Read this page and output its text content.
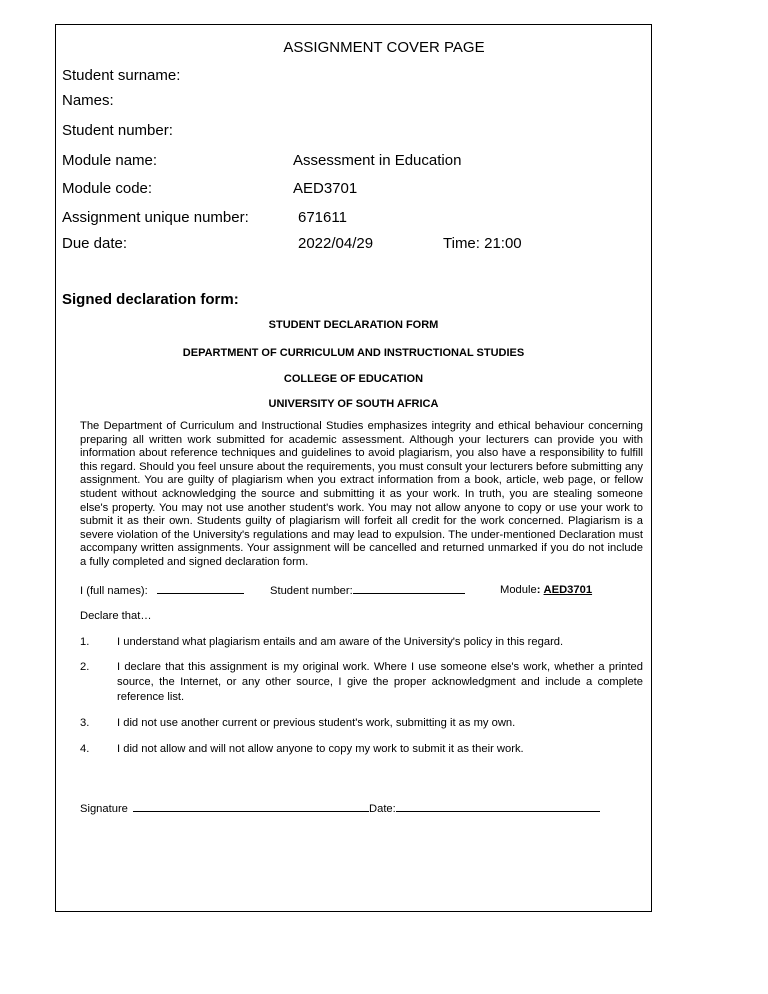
ASSIGNMENT COVER PAGE
Student surname:
Names:
Student number:
Module name:	Assessment in Education
Module code:	AED3701
Assignment unique number:	671611
Due date:	2022/04/29	Time: 21:00
Signed declaration form:
STUDENT DECLARATION FORM
DEPARTMENT OF CURRICULUM AND INSTRUCTIONAL STUDIES
COLLEGE OF EDUCATION
UNIVERSITY OF SOUTH AFRICA

The Department of Curriculum and Instructional Studies emphasizes integrity and ethical behaviour concerning preparing all written work submitted for academic assessment. Although your lecturers can provide you with information about reference techniques and guidelines to avoid plagiarism, you also have a responsibility to fulfill this regard. Should you feel unsure about the requirements, you must consult your lecturers before submitting any assignment. You are guilty of plagiarism when you extract information from a book, article, web page, or fellow student without acknowledging the source and submitting it as your work. In truth, you are stealing someone else's property. You may not use another student's work. You may not allow anyone to copy or use your work to submit it as their own. Students guilty of plagiarism will forfeit all credit for the work concerned. Plagiarism is a severe violation of the University's regulations and may lead to expulsion. The under-mentioned Declaration must accompany written assignments. Your assignment will be cancelled and returned unmarked if you do not include a fully completed and signed declaration form.

I (full names):	Student number:	Module: AED3701
Declare that…
1. I understand what plagiarism entails and am aware of the University's policy in this regard.
2. I declare that this assignment is my original work. Where I use someone else's work, whether a printed source, the Internet, or any other source, I give the proper acknowledgment and include a complete reference list.
3. I did not use another current or previous student's work, submitting it as my own.
4. I did not allow and will not allow anyone to copy my work to submit it as their work.
Signature	Date:
